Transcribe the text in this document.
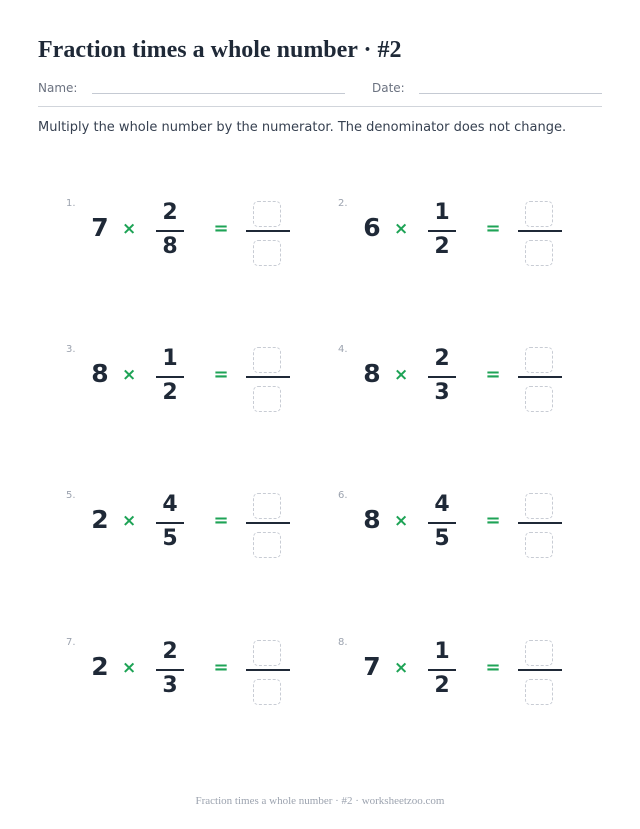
Fraction times a whole number · #2
Name:	Date:
Multiply the whole number by the numerator. The denominator does not change.
1.
7 ×
2
8
=
2.
6 ×
1
2
=
3.
8 ×
1
2
=
4.
8 ×
2
3
=
5.
2 ×
4
5
=
6.
8 ×
4
5
=
7.
2 ×
2
3
=
8.
7 ×
1
2
=
Fraction times a whole number · #2 · worksheetzoo.com
